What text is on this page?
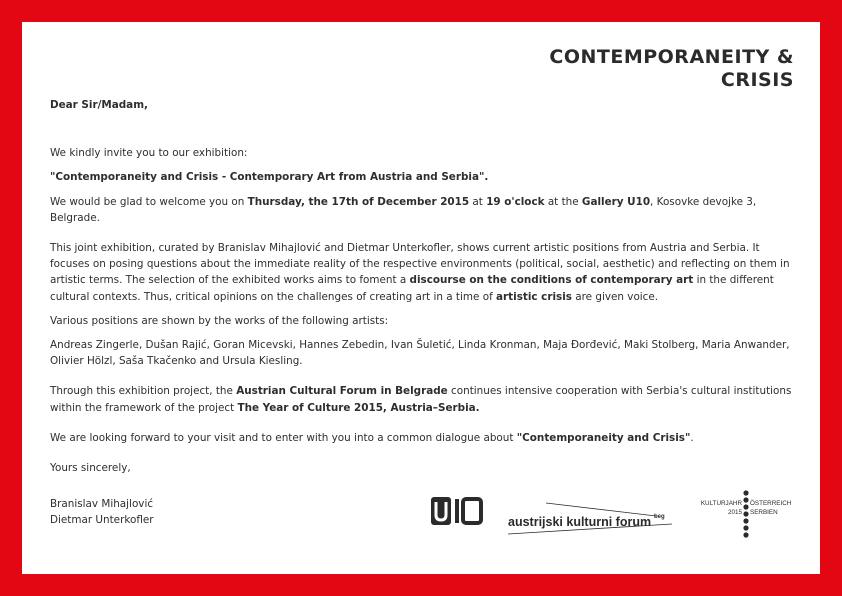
CONTEMPORANEITY &
CRISIS

Dear Sir/Madam,

We kindly invite you to our exhibition:

"Contemporaneity and Crisis - Contemporary Art from Austria and Serbia".

We would be glad to welcome you on Thursday, the 17th of December 2015 at 19 o'clock at the Gallery U10, Kosovke devojke 3, Belgrade.

This joint exhibition, curated by Branislav Mihajlović and Dietmar Unterkofler, shows current artistic positions from Austria and Serbia. It focuses on posing questions about the immediate reality of the respective environments (political, social, aesthetic) and reflecting on them in artistic terms. The selection of the exhibited works aims to foment a discourse on the conditions of contemporary art in the different cultural contexts. Thus, critical opinions on the challenges of creating art in a time of artistic crisis are given voice.

Various positions are shown by the works of the following artists:

Andreas Zingerle, Dušan Rajić, Goran Micevski, Hannes Zebedin, Ivan Šuletić, Linda Kronman, Maja Đorđević, Maki Stolberg, Maria Anwander, Olivier Hölzl, Saša Tkačenko and Ursula Kiesling.

Through this exhibition project, the Austrian Cultural Forum in Belgrade continues intensive cooperation with Serbia's cultural institutions within the framework of the project The Year of Culture 2015, Austria–Serbia.

We are looking forward to your visit and to enter with you into a common dialogue about "Contemporaneity and Crisis".

Yours sincerely,

Branislav Mihajlović

Dietmar Unterkofler	austrijski kulturni forum beg
KULTURJAHR
2015
ÖSTERREICH
SERBIEN
